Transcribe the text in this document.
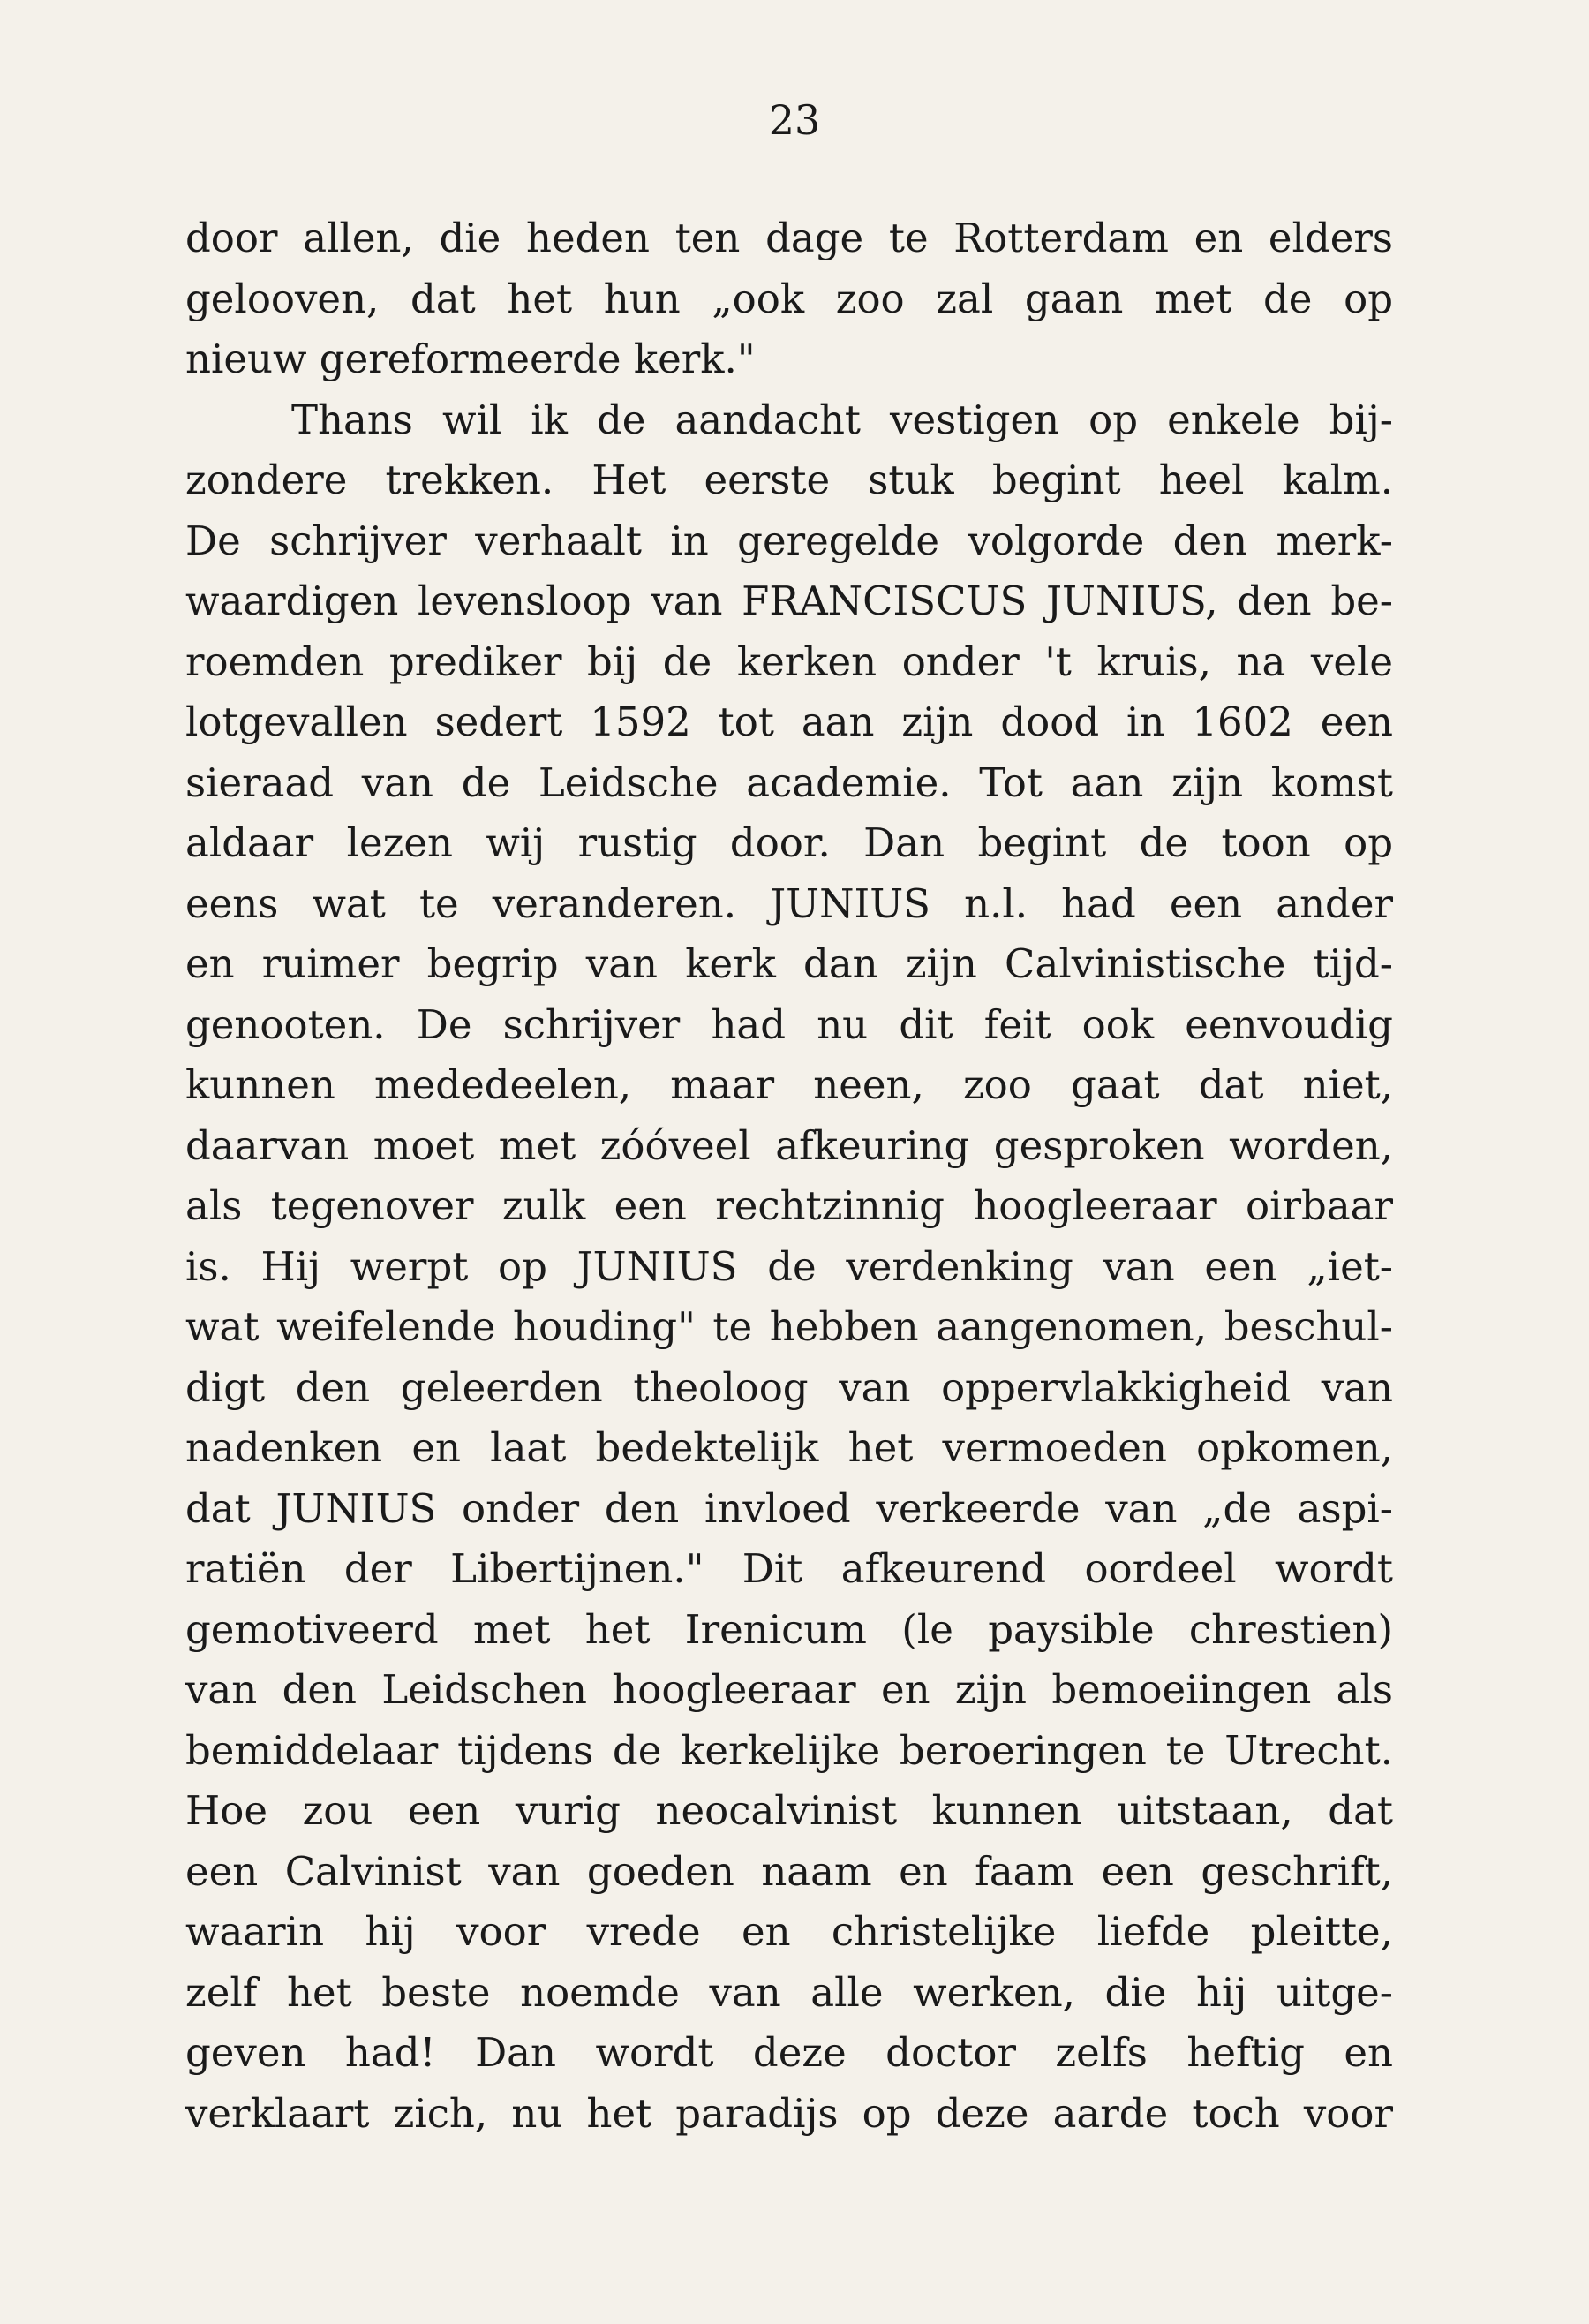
23
door allen, die heden ten dage te Rotterdam en elders
gelooven, dat het hun „ook zoo zal gaan met de op
nieuw gereformeerde kerk."
Thans wil ik de aandacht vestigen op enkele bij-
zondere trekken. Het eerste stuk begint heel kalm.
De schrijver verhaalt in geregelde volgorde den merk-
waardigen levensloop van FRANCISCUS JUNIUS, den be-
roemden prediker bij de kerken onder 't kruis, na vele
lotgevallen sedert 1592 tot aan zijn dood in 1602 een
sieraad van de Leidsche academie. Tot aan zijn komst
aldaar lezen wij rustig door. Dan begint de toon op
eens wat te veranderen. JUNIUS n.l. had een ander
en ruimer begrip van kerk dan zijn Calvinistische tijd-
genooten. De schrijver had nu dit feit ook eenvoudig
kunnen mededeelen, maar neen, zoo gaat dat niet,
daarvan moet met zóóveel afkeuring gesproken worden,
als tegenover zulk een rechtzinnig hoogleeraar oirbaar
is. Hij werpt op JUNIUS de verdenking van een „iet-
wat weifelende houding" te hebben aangenomen, beschul-
digt den geleerden theoloog van oppervlakkigheid van
nadenken en laat bedektelijk het vermoeden opkomen,
dat JUNIUS onder den invloed verkeerde van „de aspi-
ratiën der Libertijnen." Dit afkeurend oordeel wordt
gemotiveerd met het Irenicum (le paysible chrestien)
van den Leidschen hoogleeraar en zijn bemoeiingen als
bemiddelaar tijdens de kerkelijke beroeringen te Utrecht.
Hoe zou een vurig neocalvinist kunnen uitstaan, dat
een Calvinist van goeden naam en faam een geschrift,
waarin hij voor vrede en christelijke liefde pleitte,
zelf het beste noemde van alle werken, die hij uitge-
geven had! Dan wordt deze doctor zelfs heftig en
verklaart zich, nu het paradijs op deze aarde toch voor
